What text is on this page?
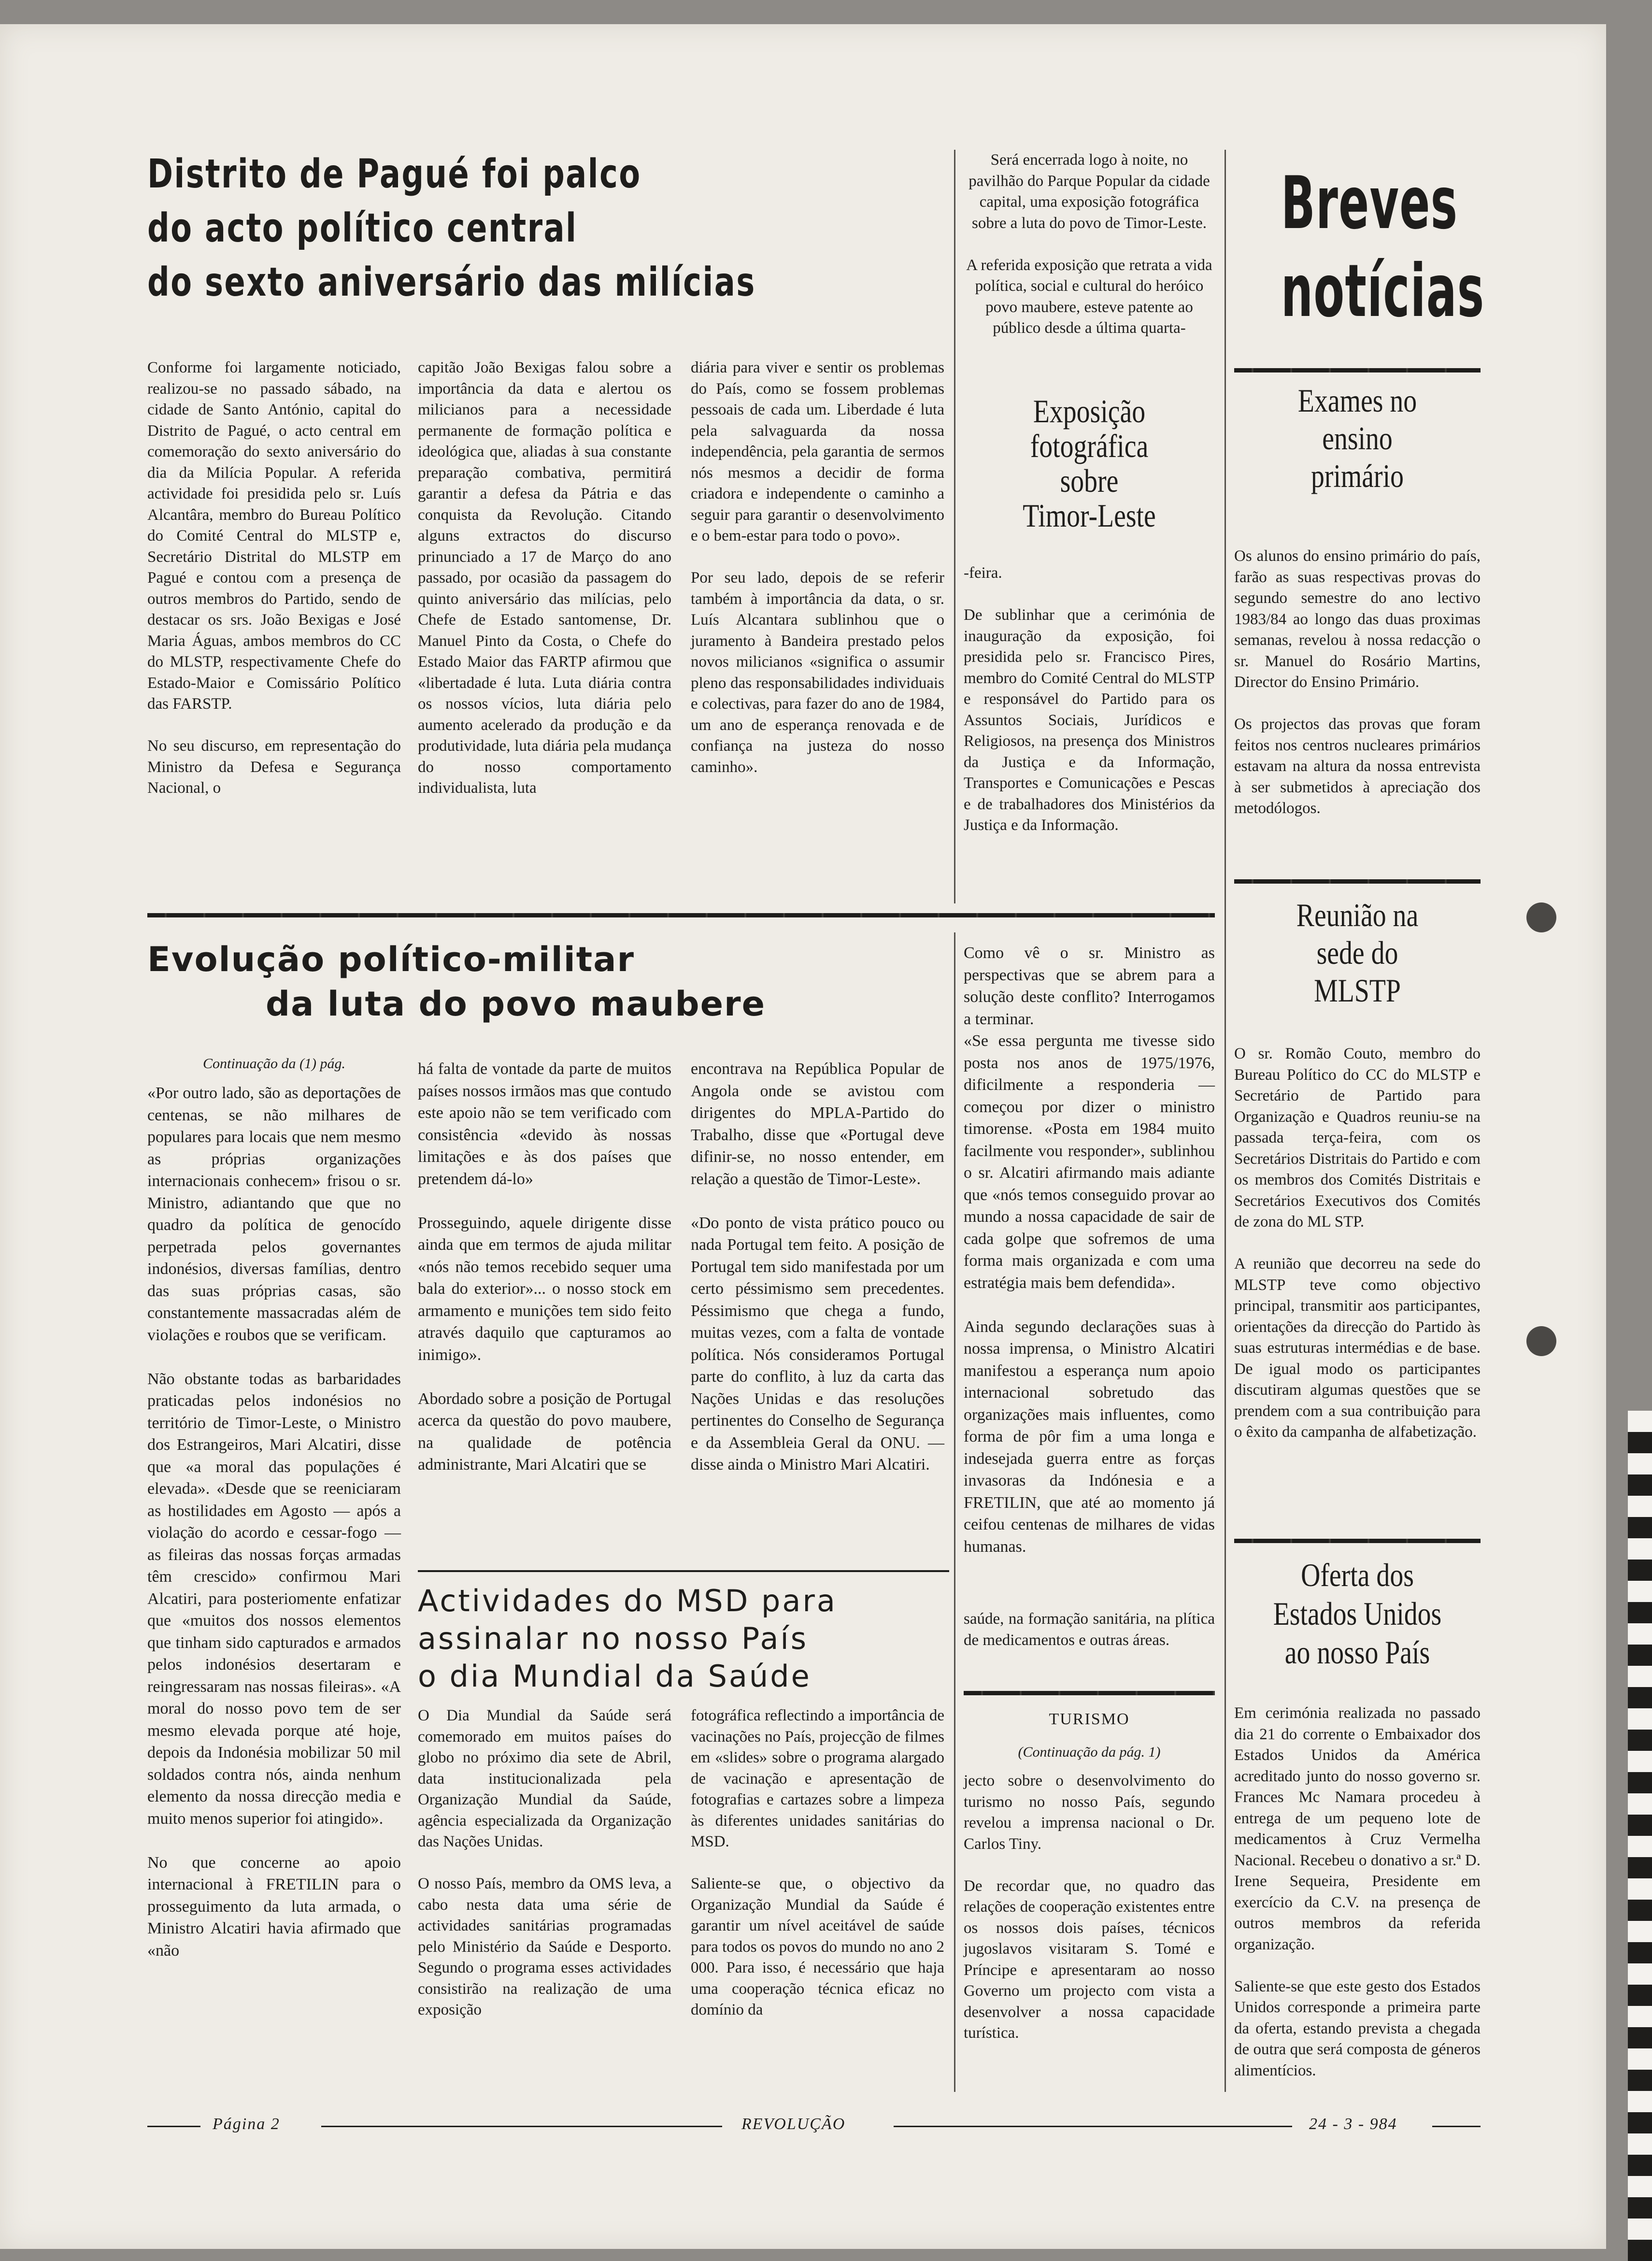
Distrito de Pagué foi palco
do acto político central
do sexto aniversário das milícias
Conforme foi largamente noticiado, realizou-se no passado sábado, na cidade de Santo António, capital do Distrito de Pagué, o acto central em comemoração do sexto aniversário do dia da Milícia Popular. A referida actividade foi presidida pelo sr. Luís Alcantâra, membro do Bureau Político do Comité Central do MLSTP e, Secretário Distrital do MLSTP em Pagué e contou com a presença de outros membros do Partido, sendo de destacar os srs. João Bexigas e José Maria Águas, ambos membros do CC do MLSTP, respectivamente Chefe do Estado-Maior e Comissário Político das FARSTP.

No seu discurso, em representação do Ministro da Defesa e Segurança Nacional, o
capitão João Bexigas falou sobre a importância da data e alertou os milicianos para a necessidade permanente de formação política e ideológica que, aliadas à sua constante preparação combativa, permitirá garantir a defesa da Pátria e das conquista da Revolução. Citando alguns extractos do discurso prinunciado a 17 de Março do ano passado, por ocasião da passagem do quinto aniversário das milícias, pelo Chefe de Estado santomense, Dr. Manuel Pinto da Costa, o Chefe do Estado Maior das FARTP afirmou que «libertadade é luta. Luta diária contra os nossos vícios, luta diária pelo aumento acelerado da produção e da produtividade, luta diária pela mudança do nosso comportamento individualista, luta
diária para viver e sentir os problemas do País, como se fossem problemas pessoais de cada um. Liberdade é luta pela salvaguarda da nossa independência, pela garantia de sermos nós mesmos a decidir de forma criadora e independente o caminho a seguir para garantir o desenvolvimento e o bem-estar para todo o povo».

Por seu lado, depois de se referir também à importância da data, o sr. Luís Alcantara sublinhou que o juramento à Bandeira prestado pelos novos milicianos «significa o assumir pleno das responsabilidades individuais e colectivas, para fazer do ano de 1984, um ano de esperança renovada e de confiança na justeza do nosso caminho».
Será encerrada logo à noite, no pavilhão do Parque Popular da cidade capital, uma exposição fotográfica sobre a luta do povo de Timor-Leste.

A referida exposição que retrata a vida política, social e cultural do heróico povo maubere, esteve patente ao público desde a última quarta-
Exposição
fotográfica
sobre
Timor-Leste
-feira.

De sublinhar que a cerimónia de inauguração da exposição, foi presidida pelo sr. Francisco Pires, membro do Comité Central do MLSTP e responsável do Partido para os Assuntos Sociais, Jurídicos e Religiosos, na presença dos Ministros da Justiça e da Informação, Transportes e Comunicações e Pescas e de trabalhadores dos Ministérios da Justiça e da Informação.
Breves
notícias
Exames no
ensino
primário
Os alunos do ensino primário do país, farão as suas respectivas provas do segundo semestre do ano lectivo 1983/84 ao longo das duas proximas semanas, revelou à nossa redacção o sr. Manuel do Rosário Martins, Director do Ensino Primário.

Os projectos das provas que foram feitos nos centros nucleares primários estavam na altura da nossa entrevista à ser submetidos à apreciação dos metodólogos.
Reunião na
sede do
MLSTP
O sr. Romão Couto, membro do Bureau Político do CC do MLSTP e Secretário de Partido para Organização e Quadros reuniu-se na passada terça-feira, com os Secretários Distritais do Partido e com os membros dos Comités Distritais e Secretários Executivos dos Comités de zona do ML STP.

A reunião que decorreu na sede do MLSTP teve como objectivo principal, transmitir aos participantes, orientações da direcção do Partido às suas estruturas intermédias e de base. De igual modo os participantes discutiram algumas questões que se prendem com a sua contribuição para o êxito da campanha de alfabetização.
Oferta dos
Estados Unidos
ao nosso País
Em cerimónia realizada no passado dia 21 do corrente o Embaixador dos Estados Unidos da América acreditado junto do nosso governo sr. Frances Mc Namara procedeu à entrega de um pequeno lote de medicamentos à Cruz Vermelha Nacional. Recebeu o donativo a sr.ª D. Irene Sequeira, Presidente em exercício da C.V. na presença de outros membros da referida organização.

Saliente-se que este gesto dos Estados Unidos corresponde a primeira parte da oferta, estando prevista a chegada de outra que será composta de géneros alimentícios.
Evolução político-militar
da luta do povo maubere
Continuação da (1) pág.
«Por outro lado, são as deportações de centenas, se não milhares de populares para locais que nem mesmo as próprias organizações internacionais conhecem» frisou o sr. Ministro, adiantando que que no quadro da política de genocído perpetrada pelos governantes indonésios, diversas famílias, dentro das suas próprias casas, são constantemente massacradas além de violações e roubos que se verificam.

Não obstante todas as barbaridades praticadas pelos indonésios no território de Timor-Leste, o Ministro dos Estrangeiros, Mari Alcatiri, disse que «a moral das populações é elevada». «Desde que se reeniciaram as hostilidades em Agosto — após a violação do acordo e cessar-fogo — as fileiras das nossas forças armadas têm crescido» confirmou Mari Alcatiri, para posteriomente enfatizar que «muitos dos nossos elementos que tinham sido capturados e armados pelos indonésios desertaram e reingressaram nas nossas fileiras». «A moral do nosso povo tem de ser mesmo elevada porque até hoje, depois da Indonésia mobilizar 50 mil soldados contra nós, ainda nenhum elemento da nossa direcção media e muito menos superior foi atingido».

No que concerne ao apoio internacional à FRETILIN para o prosseguimento da luta armada, o Ministro Alcatiri havia afirmado que «não
há falta de vontade da parte de muitos países nossos irmãos mas que contudo este apoio não se tem verificado com consistência «devido às nossas limitações e às dos países que pretendem dá-lo»

Prosseguindo, aquele dirigente disse ainda que em termos de ajuda militar «nós não temos recebido sequer uma bala do exterior»... o nosso stock em armamento e munições tem sido feito através daquilo que capturamos ao inimigo».

Abordado sobre a posição de Portugal acerca da questão do povo maubere, na qualidade de potência administrante, Mari Alcatiri que se
encontrava na República Popular de Angola onde se avistou com dirigentes do MPLA-Partido do Trabalho, disse que «Portugal deve difinir-se, no nosso entender, em relação a questão de Timor-Leste».

«Do ponto de vista prático pouco ou nada Portugal tem feito. A posição de Portugal tem sido manifestada por um certo péssimismo sem precedentes. Péssimismo que chega a fundo, muitas vezes, com a falta de vontade política. Nós consideramos Portugal parte do conflito, à luz da carta das Nações Unidas e das resoluções pertinentes do Conselho de Segurança e da Assembleia Geral da ONU. — disse ainda o Ministro Mari Alcatiri.
Como vê o sr. Ministro as perspectivas que se abrem para a solução deste conflito? Interrogamos a terminar.
«Se essa pergunta me tivesse sido posta nos anos de 1975/1976, dificilmente a responderia — começou por dizer o ministro timorense. «Posta em 1984 muito facilmente vou responder», sublinhou o sr. Alcatiri afirmando mais adiante que «nós temos conseguido provar ao mundo a nossa capacidade de sair de cada golpe que sofremos de uma forma mais organizada e com uma estratégia mais bem defendida».

Ainda segundo declarações suas à nossa imprensa, o Ministro Alcatiri manifestou a esperança num apoio internacional sobretudo das organizações mais influentes, como forma de pôr fim a uma longa e indesejada guerra entre as forças invasoras da Indónesia e a FRETILIN, que até ao momento já ceifou centenas de milhares de vidas humanas.
Actividades do MSD para
assinalar no nosso País
o dia Mundial da Saúde
O Dia Mundial da Saúde será comemorado em muitos países do globo no próximo dia sete de Abril, data institucionalizada pela Organização Mundial da Saúde, agência especializada da Organização das Nações Unidas.

O nosso País, membro da OMS leva, a cabo nesta data uma série de actividades sanitárias programadas pelo Ministério da Saúde e Desporto. Segundo o programa esses actividades consistirão na realização de uma exposição
fotográfica reflectindo a importância de vacinações no País, projecção de filmes em «slides» sobre o programa alargado de vacinação e apresentação de fotografias e cartazes sobre a limpeza às diferentes unidades sanitárias do MSD.

Saliente-se que, o objectivo da Organização Mundial da Saúde é garantir um nível aceitável de saúde para todos os povos do mundo no ano 2 000. Para isso, é necessário que haja uma cooperação técnica eficaz no domínio da
saúde, na formação sanitária, na plítica de medicamentos e outras áreas.
TURISMO
(Continuação da pág. 1)
jecto sobre o desenvolvimento do turismo no nosso País, segundo revelou a imprensa nacional o Dr. Carlos Tiny.

De recordar que, no quadro das relações de cooperação existentes entre os nossos dois países, técnicos jugoslavos visitaram S. Tomé e Príncipe e apresentaram ao nosso Governo um projecto com vista a desenvolver a nossa capacidade turística.
Página 2	REVOLUÇÃO	24 - 3 - 984
